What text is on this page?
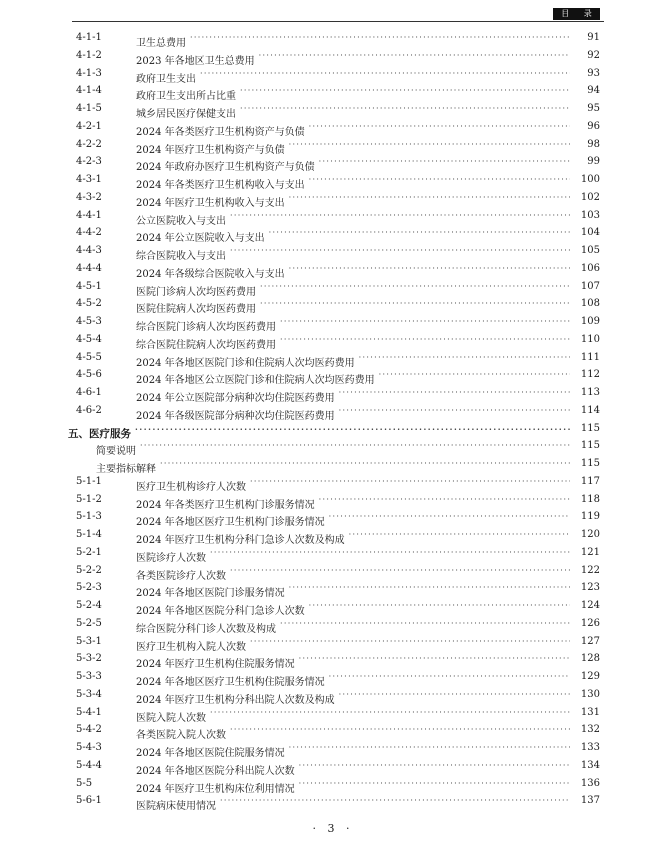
目 录
4-1-1
卫生总费用
· · ·
91
4-1-2
2023 年各地区卫生总费用
· · ·
92
4-1-3
政府卫生支出
· · ·
93
4-1-4
政府卫生支出所占比重
· · ·
94
4-1-5
城乡居民医疗保健支出
· · ·
95
4-2-1
2024 年各类医疗卫生机构资产与负债
· · ·
96
4-2-2
2024 年医疗卫生机构资产与负债
· · ·
98
4-2-3
2024 年政府办医疗卫生机构资产与负债
· · ·
99
4-3-1
2024 年各类医疗卫生机构收入与支出
· · ·
100
4-3-2
2024 年医疗卫生机构收入与支出
· · ·
102
4-4-1
公立医院收入与支出
· · ·
103
4-4-2
2024 年公立医院收入与支出
· · ·
104
4-4-3
综合医院收入与支出
· · ·
105
4-4-4
2024 年各级综合医院收入与支出
· · ·
106
4-5-1
医院门诊病人次均医药费用
· · ·
107
4-5-2
医院住院病人次均医药费用
· · ·
108
4-5-3
综合医院门诊病人次均医药费用
· · ·
109
4-5-4
综合医院住院病人次均医药费用
· · ·
110
4-5-5
2024 年各地区医院门诊和住院病人次均医药费用
· · ·
111
4-5-6
2024 年各地区公立医院门诊和住院病人次均医药费用
· · ·
112
4-6-1
2024 年公立医院部分病种次均住院医药费用
· · ·
113
4-6-2
2024 年各级医院部分病种次均住院医药费用
· · ·
114
五、医疗服务
· · ·	115
简要说明
· · ·
115
主要指标解释
· · ·
115
5-1-1
医疗卫生机构诊疗人次数
· · ·
117
5-1-2
2024 年各类医疗卫生机构门诊服务情况
· · ·
118
5-1-3
2024 年各地区医疗卫生机构门诊服务情况
· · ·
119
5-1-4
2024 年医疗卫生机构分科门急诊人次数及构成
· · ·
120
5-2-1
医院诊疗人次数
· · ·
121
5-2-2
各类医院诊疗人次数
· · ·
122
5-2-3
2024 年各地区医院门诊服务情况
· · ·
123
5-2-4
2024 年各地区医院分科门急诊人次数
· · ·
124
5-2-5
综合医院分科门诊人次数及构成
· · ·
126
5-3-1
医疗卫生机构入院人次数
· · ·
127
5-3-2
2024 年医疗卫生机构住院服务情况
· · ·
128
5-3-3
2024 年各地区医疗卫生机构住院服务情况
· · ·
129
5-3-4
2024 年医疗卫生机构分科出院人次数及构成
· · ·
130
5-4-1
医院入院人次数
· · ·
131
5-4-2
各类医院入院人次数
· · ·
132
5-4-3
2024 年各地区医院住院服务情况
· · ·
133
5-4-4
2024 年各地区医院分科出院人次数
· · ·
134
5-5
2024 年医疗卫生机构床位利用情况
· · ·
136
5-6-1
医院病床使用情况
· · ·
137
· 3 ·
